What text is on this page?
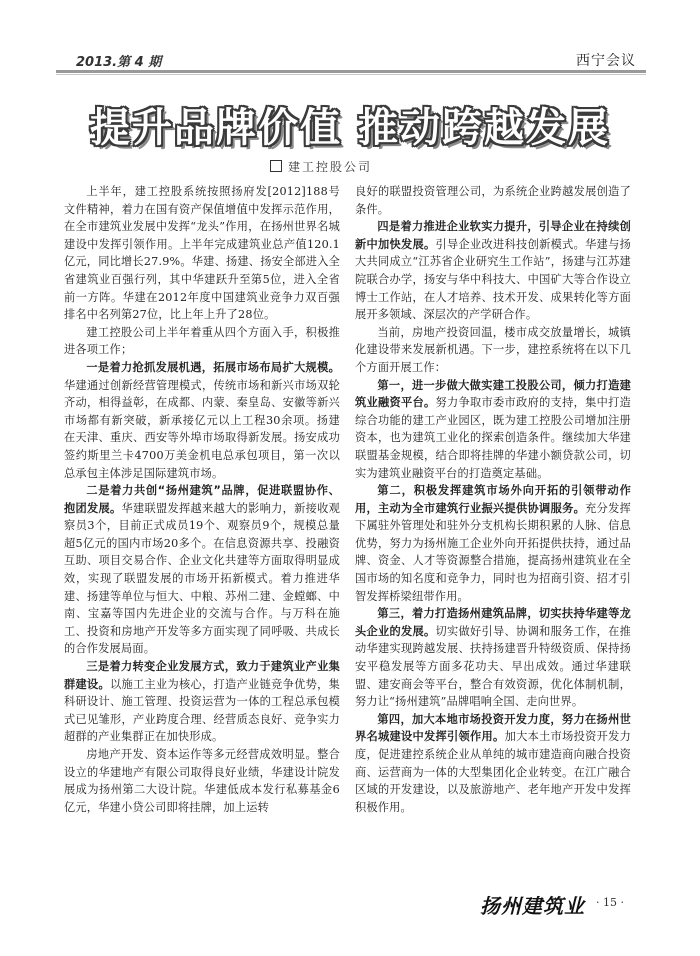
2013.第 4 期	西宁会议
提升品牌价值 推动跨越发展
建工控股公司

上半年，建工控股系统按照扬府发[2012]188号文件精神，着力在国有资产保值增值中发挥示范作用，在全市建筑业发展中发挥“龙头”作用，在扬州世界名城建设中发挥引领作用。上半年完成建筑业总产值120.1亿元，同比增长27.9%。华建、扬建、扬安全部进入全省建筑业百强行列，其中华建跃升至第5位，进入全省前一方阵。华建在2012年度中国建筑业竞争力双百强排名中名列第27位，比上年上升了28位。

建工控股公司上半年着重从四个方面入手，积极推进各项工作；

一是着力抢抓发展机遇，拓展市场布局扩大规模。华建通过创新经营管理模式，传统市场和新兴市场双轮齐动，相得益彰，在成都、内蒙、秦皇岛、安徽等新兴市场都有新突破，新承接亿元以上工程30余项。扬建在天津、重庆、西安等外埠市场取得新发展。扬安成功签约斯里兰卡4700万美金机电总承包项目，第一次以总承包主体涉足国际建筑市场。

二是着力共创“扬州建筑”品牌，促进联盟协作、抱团发展。华建联盟发挥越来越大的影响力，新接收观察员3个，目前正式成员19个、观察员9个，规模总量超5亿元的国内市场20多个。在信息资源共享、投融资互助、项目交易合作、企业文化共建等方面取得明显成效，实现了联盟发展的市场开拓新模式。着力推进华建、扬建等单位与恒大、中粮、苏州二建、金螳螂、中南、宝嘉等国内先进企业的交流与合作。与万科在施工、投资和房地产开发等多方面实现了同呼吸、共成长的合作发展局面。

三是着力转变企业发展方式，致力于建筑业产业集群建设。以施工主业为核心，打造产业链竞争优势，集科研设计、施工管理、投资运营为一体的工程总承包模式已见雏形，产业跨度合理、经营质态良好、竞争实力超群的产业集群正在加快形成。

房地产开发、资本运作等多元经营成效明显。整合设立的华建地产有限公司取得良好业绩，华建设计院发展成为扬州第二大设计院。华建低成本发行私募基金6亿元，华建小贷公司即将挂牌，加上运转

良好的联盟投资管理公司，为系统企业跨越发展创造了条件。

四是着力推进企业软实力提升，引导企业在持续创新中加快发展。引导企业改进科技创新模式。华建与扬大共同成立“江苏省企业研究生工作站”，扬建与江苏建院联合办学，扬安与华中科技大、中国矿大等合作设立博士工作站，在人才培养、技术开发、成果转化等方面展开多领域、深层次的产学研合作。

当前，房地产投资回温，楼市成交放量增长，城镇化建设带来发展新机遇。下一步，建控系统将在以下几个方面开展工作：

第一，进一步做大做实建工投股公司，倾力打造建筑业融资平台。努力争取市委市政府的支持，集中打造综合功能的建工产业园区，既为建工控股公司增加注册资本，也为建筑工业化的探索创造条件。继续加大华建联盟基金规模，结合即将挂牌的华建小额贷款公司，切实为建筑业融资平台的打造奠定基础。

第二，积极发挥建筑市场外向开拓的引领带动作用，主动为全市建筑行业振兴提供协调服务。充分发挥下属驻外管理处和驻外分支机构长期积累的人脉、信息优势，努力为扬州施工企业外向开拓提供扶持，通过品牌、资金、人才等资源整合措施，提高扬州建筑业在全国市场的知名度和竞争力，同时也为招商引资、招才引智发挥桥梁纽带作用。

第三，着力打造扬州建筑品牌，切实扶持华建等龙头企业的发展。切实做好引导、协调和服务工作，在推动华建实现跨越发展、扶持扬建晋升特级资质、保持扬安平稳发展等方面多花功夫、早出成效。通过华建联盟、建安商会等平台，整合有效资源，优化体制机制，努力让“扬州建筑”品牌唱响全国、走向世界。

第四，加大本地市场投资开发力度，努力在扬州世界名城建设中发挥引领作用。加大本土市场投资开发力度，促进建控系统企业从单纯的城市建造商向融合投资商、运营商为一体的大型集团化企业转变。在江广融合区域的开发建设，以及旅游地产、老年地产开发中发挥积极作用。

扬州建筑业 · 15 ·
